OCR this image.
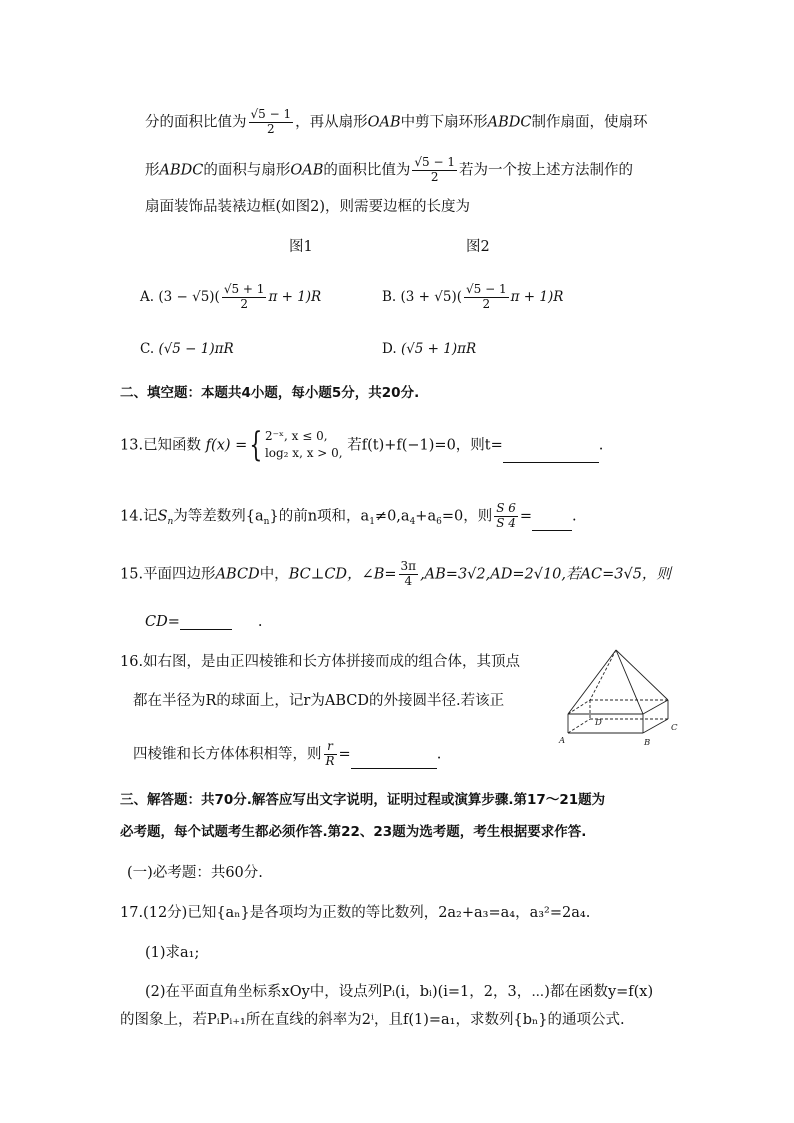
分的面积比值为 $\frac{√5 - 1}{2}$ ，再从扇形OAB中剪下扇环形ABDC制作扇面，使扇环
形ABDC的面积与扇形OAB的面积比值为 $\frac{√5 - 1}{2}$ 若为一个按上述方法制作的
扇面装饰品装裱边框(如图2)，则需要边框的长度为
图1	图2
A. $(3 - √5)( \frac{√5 + 1}{2}$ π + 1)R	B. $(3 + √5)( \frac{√5 - 1}{2}$ π + 1)R
C. (√5 − 1)πR	D. (√5 + 1)πR
二、填空题：本题共4小题，每小题5分，共20分.
13.已知函数 f(x) ={ 2⁻ˣ, x ≤ 0,
log₂ x, x > 0, 若f(t)+f(−1)=0，则t=	.
14.记$S_n$为等差数列$\{a_n\}$的前n项和，$a_1\ne 0,a_4+a_6=0$，则 $\frac{S 6}{S 4}$ =	.
15.平面四边形ABCD中，BC⊥CD，∠B= $\frac{3\pi}{4} ,AB=3√2,AD=2√10$,若AC=3√5，则
CD=	.
16.如右图，是由正四棱锥和长方体拼接而成的组合体，其顶点
都在半径为R的球面上，记r为ABCD的外接圆半径.若该正
四棱锥和长方体体积相等，则 $\frac{r}{R}$ =	.
A	B
C
D
三、解答题：共70分.解答应写出文字说明，证明过程或演算步骤.第17～21题为
必考题，每个试题考生都必须作答.第22、23题为选考题，考生根据要求作答.
(一)必考题：共60分.
17.(12分)已知{aₙ}是各项均为正数的等比数列，2a₂+a₃=a₄，a₃²=2a₄.
(1)求a₁;
(2)在平面直角坐标系xOy中，设点列Pᵢ(i，bᵢ)(i=1，2，3，⋯)都在函数y=f(x)
的图象上，若PᵢPᵢ₊₁所在直线的斜率为2ⁱ，且f(1)=a₁，求数列{bₙ}的通项公式.
